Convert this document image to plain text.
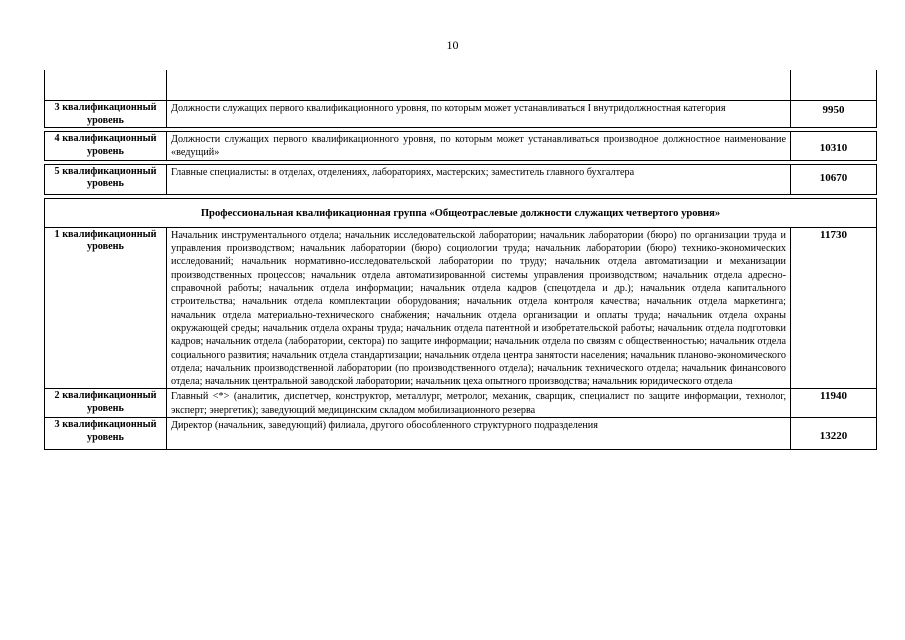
10

3 квалификационный уровень	Должности служащих первого квалификационного уровня, по которым может устанавливаться I внутридолжностная категория	9950

4 квалификационный уровень	Должности служащих первого квалификационного уровня, по которым может устанавливаться производное должностное наименование «ведущий»	10310

5 квалификационный уровень	Главные специалисты: в отделах, отделениях, лабораториях, мастерских; заместитель главного бухгалтера	10670

Профессиональная квалификационная группа «Общеотраслевые должности служащих четвертого уровня»		
1 квалификационный уровень	Начальник инструментального отдела; начальник исследовательской лаборатории; начальник лаборатории (бюро) по организации труда и управления производством; начальник лаборатории (бюро) социологии труда; начальник лаборатории (бюро) технико-экономических исследований; начальник нормативно-исследовательской лаборатории по труду; начальник отдела автоматизации и механизации производственных процессов; начальник отдела автоматизированной системы управления производством; начальник отдела адресно-справочной работы; начальник отдела информации; начальник отдела кадров (спецотдела и др.); начальник отдела капитального строительства; начальник отдела комплектации оборудования; начальник отдела контроля качества; начальник отдела маркетинга; начальник отдела материально-технического снабжения; начальник отдела организации и оплаты труда; начальник отдела охраны окружающей среды; начальник отдела охраны труда; начальник отдела патентной и изобретательской работы; начальник отдела подготовки кадров; начальник отдела (лаборатории, сектора) по защите информации; начальник отдела по связям с общественностью; начальник отдела социального развития; начальник отдела стандартизации; начальник отдела центра занятости населения; начальник планово-экономического отдела; начальник производственной лаборатории (по производственного отдела); начальник технического отдела; начальник финансового отдела; начальник центральной заводской лаборатории; начальник цеха опытного производства; начальник юридического отдела	11730
2 квалификационный уровень	Главный <*> (аналитик, диспетчер, конструктор, металлург, метролог, механик, сварщик, специалист по защите информации, технолог, эксперт; энергетик); заведующий медицинским складом мобилизационного резерва	11940
3 квалификационный уровень	Директор (начальник, заведующий) филиала, другого обособленного структурного подразделения	13220
